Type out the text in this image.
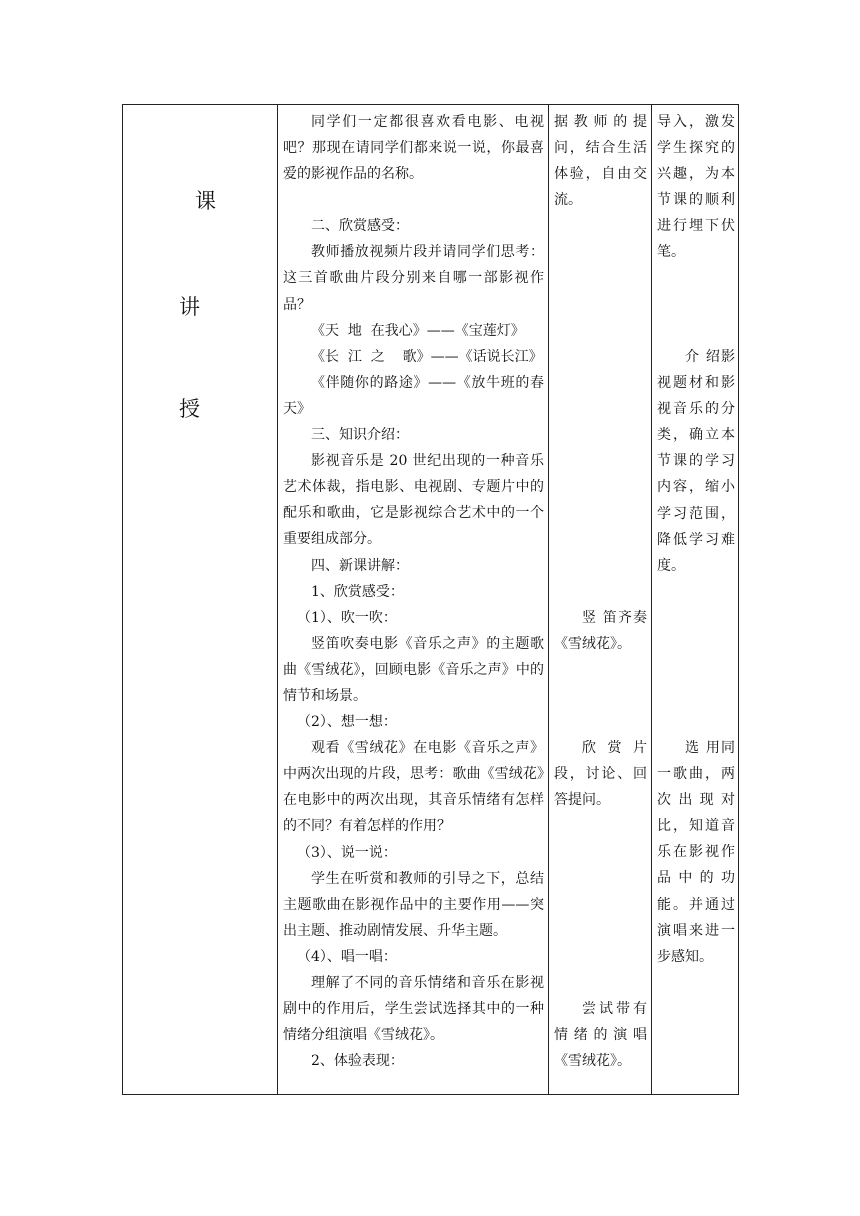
课
讲
授

同学们一定都很喜欢看电影、电视吧？那现在请同学们都来说一说，你最喜爱的影视作品的名称。

二、欣赏感受：

教师播放视频片段并请同学们思考：这三首歌曲片段分别来自哪一部影视作品？

《天  地  在我心》——《宝莲灯》

《长  江  之    歌》——《话说长江》

《伴随你的路途》——《放牛班的春天》

三、知识介绍：

影视音乐是 20 世纪出现的一种音乐艺术体裁，指电影、电视剧、专题片中的配乐和歌曲，它是影视综合艺术中的一个重要组成部分。

四、新课讲解：

1、欣赏感受：

（1）、吹一吹：

竖笛吹奏电影《音乐之声》的主题歌曲《雪绒花》，回顾电影《音乐之声》中的情节和场景。

（2）、想一想：

观看《雪绒花》在电影《音乐之声》中两次出现的片段，思考：歌曲《雪绒花》在电影中的两次出现，其音乐情绪有怎样的不同？有着怎样的作用？

（3）、说一说：

学生在听赏和教师的引导之下，总结主题歌曲在影视作品中的主要作用——突出主题、推动剧情发展、升华主题。

（4）、唱一唱：

理解了不同的音乐情绪和音乐在影视剧中的作用后，学生尝试选择其中的一种情绪分组演唱《雪绒花》。

2、体验表现：

据教师的提问，结合生活体验，自由交流。

竖 笛齐奏《雪绒花》。

欣赏片段，讨论、回答提问。

尝试带有情绪的演唱《雪绒花》。

导入，激发学生探究的兴趣，为本节课的顺利进行埋下伏笔。

介 绍影视题材和影视音乐的分类，确立本节课的学习内容，缩小学习范围，降低学习难度。

选 用同一歌曲，两次出现对比，知道音乐在影视作品中的功能。并通过演唱来进一步感知。
